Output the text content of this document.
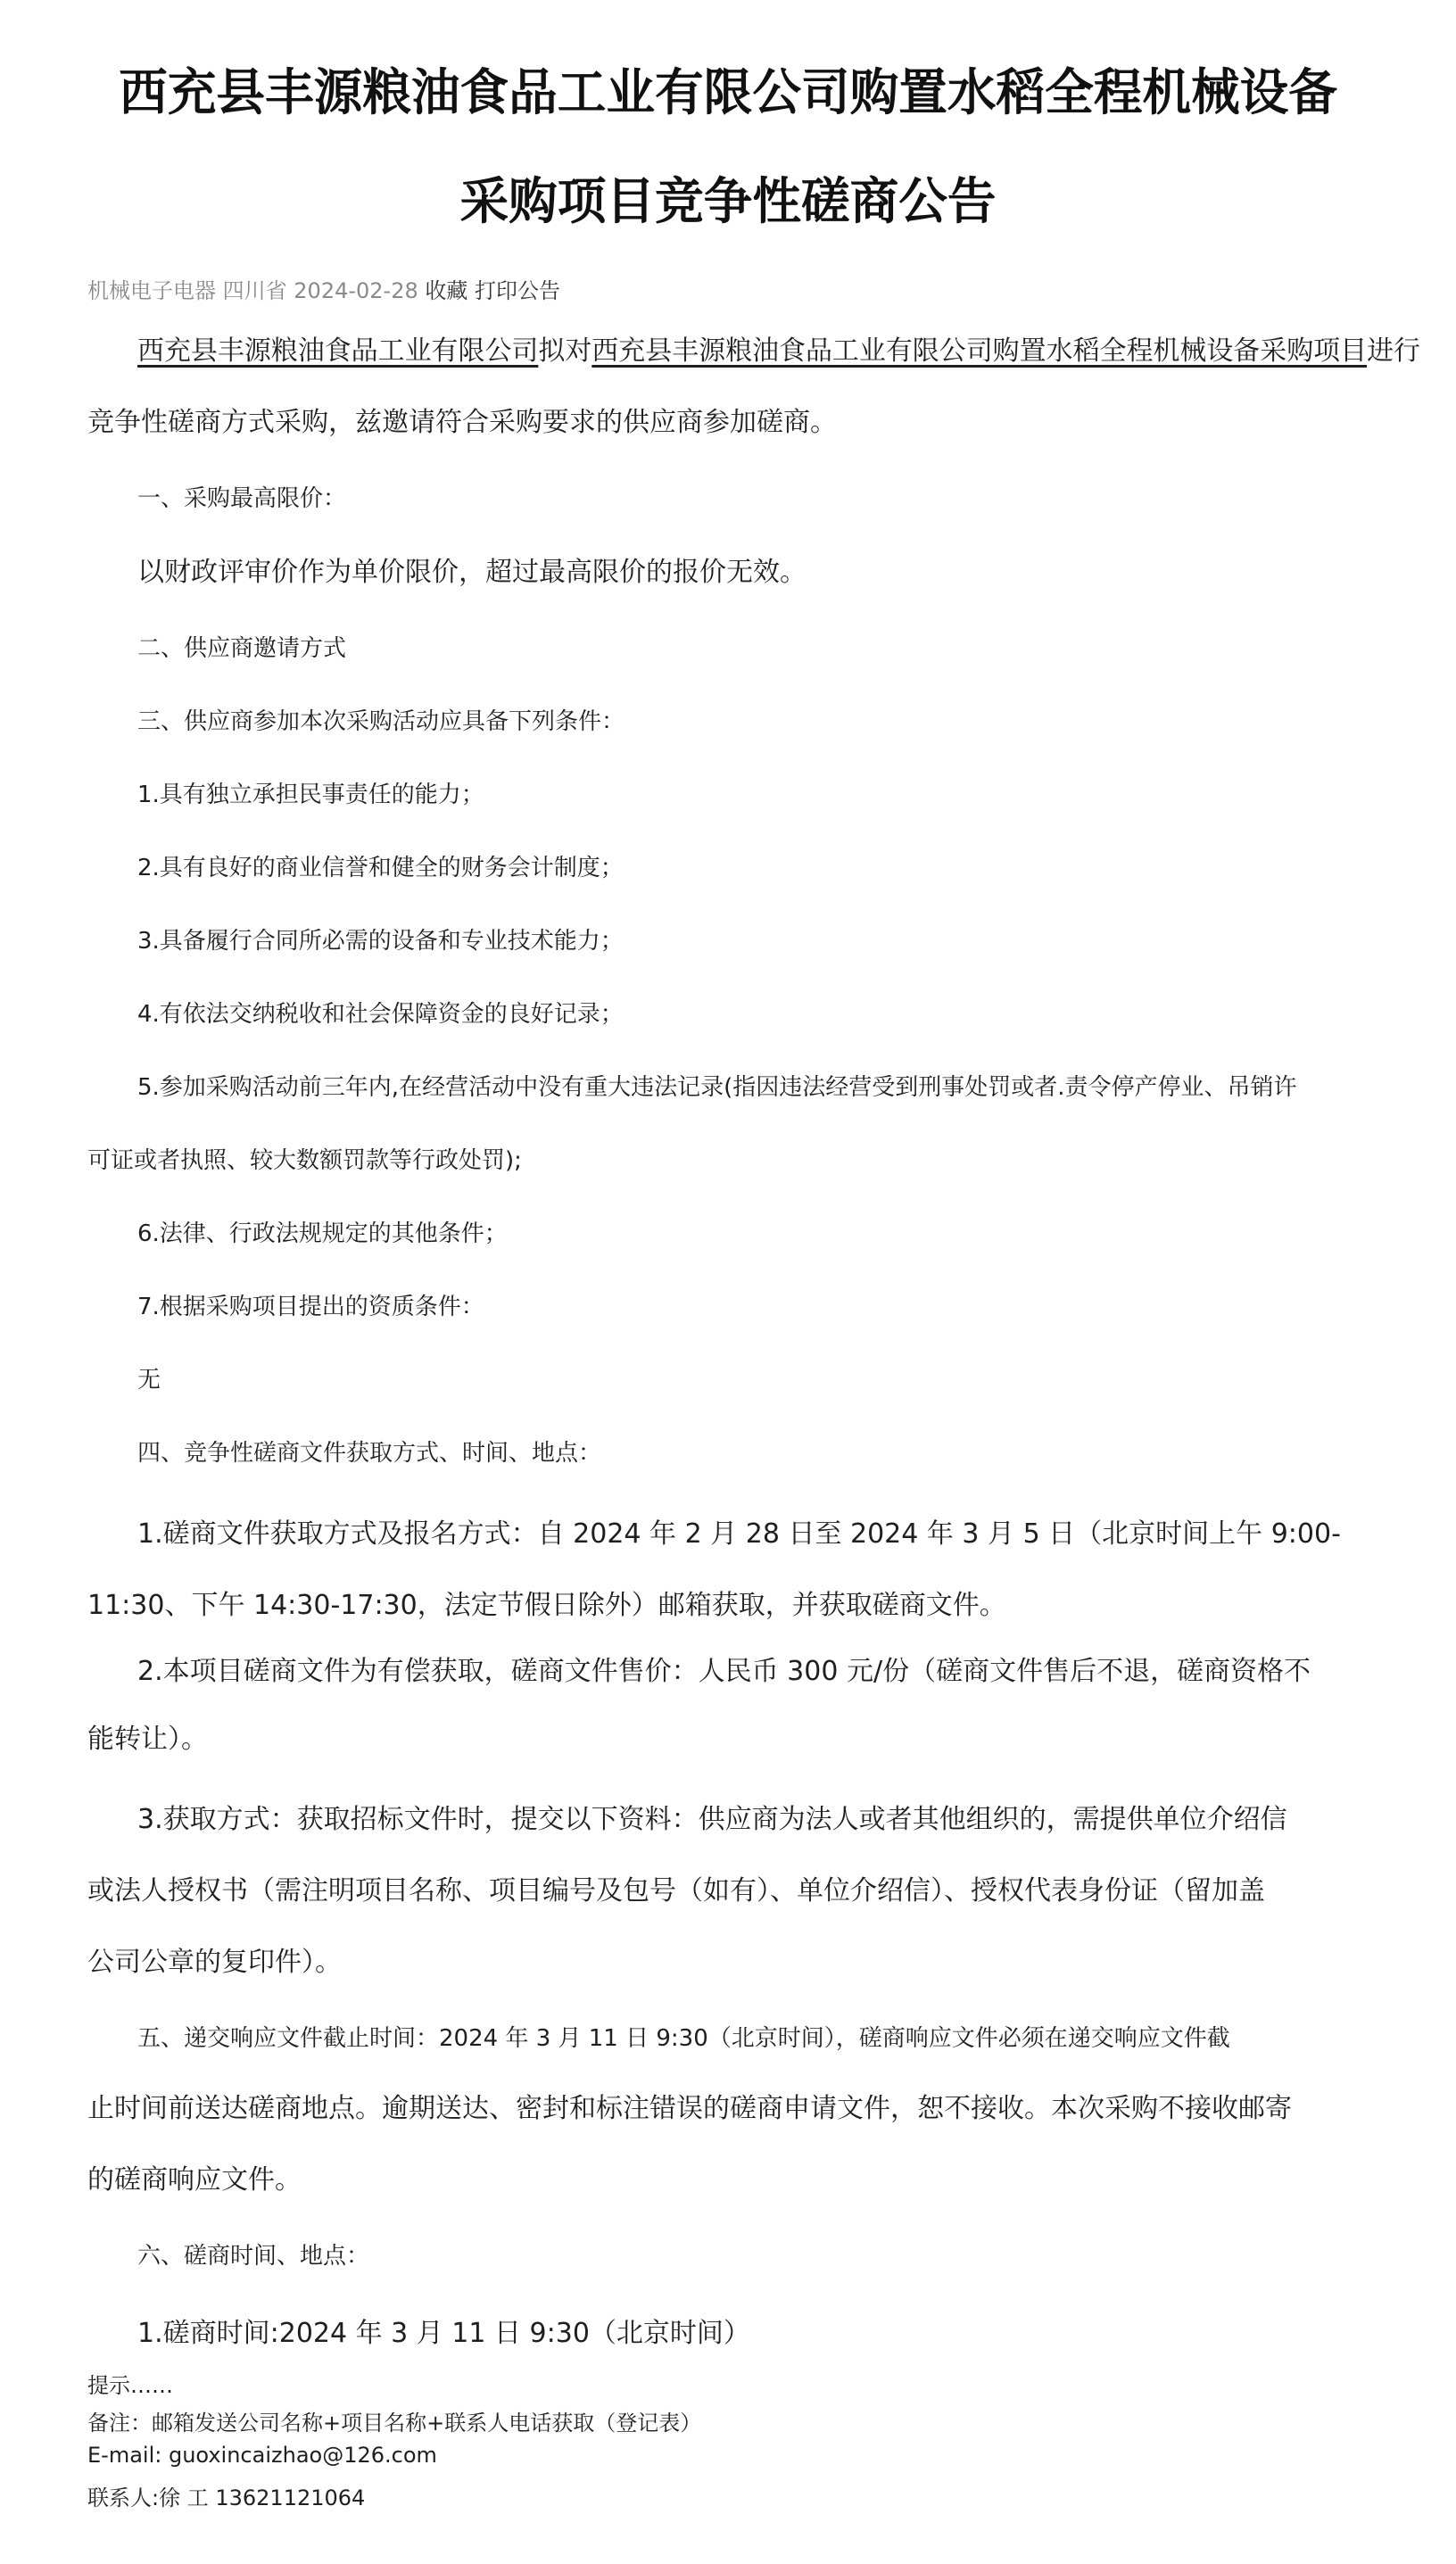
西充县丰源粮油食品工业有限公司购置水稻全程机械设备
采购项目竞争性磋商公告
机械电子电器 四川省 2024-02-28 收藏 打印公告
西充县丰源粮油食品工业有限公司拟对西充县丰源粮油食品工业有限公司购置水稻全程机械设备采购项目进行
竞争性磋商方式采购，兹邀请符合采购要求的供应商参加磋商。
一、采购最高限价：
以财政评审价作为单价限价，超过最高限价的报价无效。
二、供应商邀请方式
三、供应商参加本次采购活动应具备下列条件：
1.具有独立承担民事责任的能力；
2.具有良好的商业信誉和健全的财务会计制度；
3.具备履行合同所必需的设备和专业技术能力；
4.有依法交纳税收和社会保障资金的良好记录；
5.参加采购活动前三年内,在经营活动中没有重大违法记录(指因违法经营受到刑事处罚或者.责令停产停业、吊销许
可证或者执照、较大数额罚款等行政处罚);
6.法律、行政法规规定的其他条件；
7.根据采购项目提出的资质条件：
无
四、竞争性磋商文件获取方式、时间、地点：
1.磋商文件获取方式及报名方式：自 2024 年 2 月 28 日至 2024 年 3 月 5 日（北京时间上午 9:00-
11:30、下午 14:30-17:30，法定节假日除外）邮箱获取，并获取磋商文件。
2.本项目磋商文件为有偿获取，磋商文件售价：人民币 300 元/份（磋商文件售后不退，磋商资格不
能转让）。
3.获取方式：获取招标文件时，提交以下资料：供应商为法人或者其他组织的，需提供单位介绍信
或法人授权书（需注明项目名称、项目编号及包号（如有）、单位介绍信）、授权代表身份证（留加盖
公司公章的复印件）。
五、递交响应文件截止时间：2024 年 3 月 11 日 9:30（北京时间），磋商响应文件必须在递交响应文件截
止时间前送达磋商地点。逾期送达、密封和标注错误的磋商申请文件，恕不接收。本次采购不接收邮寄
的磋商响应文件。
六、磋商时间、地点：
1.磋商时间:2024 年 3 月 11 日 9:30（北京时间）
提示……
备注：邮箱发送公司名称+项目名称+联系人电话获取（登记表）
E-mail: guoxincaizhao@126.com
联系人:徐 工 13621121064
